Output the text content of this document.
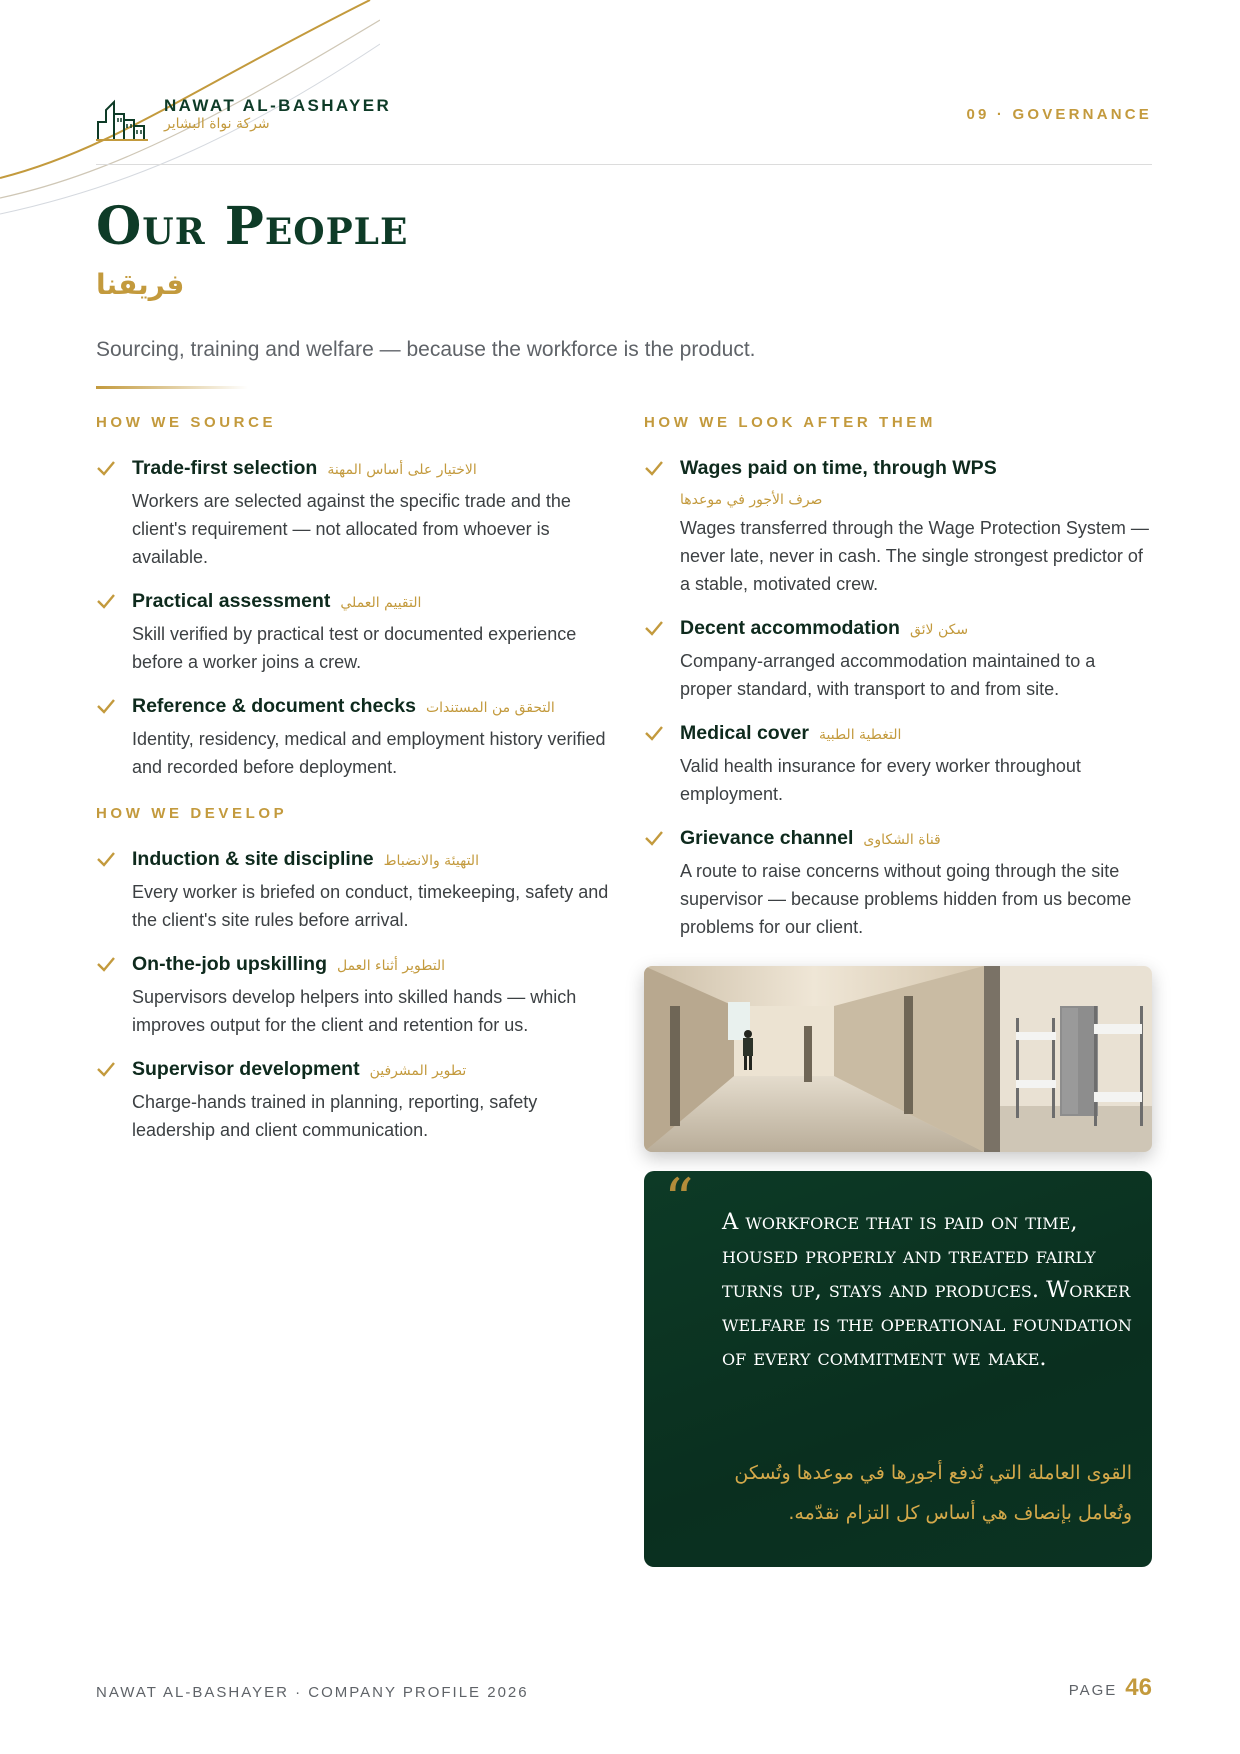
NAWAT AL-BASHAYER
شركة نواة البشاير
09 · GOVERNANCE
Our People
فريقنا

Sourcing, training and welfare — because the workforce is the product.

HOW WE SOURCE
Trade-first selection الاختيار على أساس المهنة
Workers are selected against the specific trade and the client's requirement — not allocated from whoever is available.
Practical assessment التقييم العملي
Skill verified by practical test or documented experience before a worker joins a crew.
Reference & document checks التحقق من المستندات
Identity, residency, medical and employment history verified and recorded before deployment.
HOW WE DEVELOP
Induction & site discipline التهيئة والانضباط
Every worker is briefed on conduct, timekeeping, safety and the client's site rules before arrival.
On-the-job upskilling التطوير أثناء العمل
Supervisors develop helpers into skilled hands — which improves output for the client and retention for us.
Supervisor development تطوير المشرفين
Charge-hands trained in planning, reporting, safety leadership and client communication.
HOW WE LOOK AFTER THEM
Wages paid on time, through WPS
صرف الأجور في موعدها
Wages transferred through the Wage Protection System — never late, never in cash. The single strongest predictor of a stable, motivated crew.
Decent accommodation سكن لائق
Company-arranged accommodation maintained to a proper standard, with transport to and from site.
Medical cover التغطية الطبية
Valid health insurance for every worker throughout employment.
Grievance channel قناة الشكاوى
A route to raise concerns without going through the site supervisor — because problems hidden from us become problems for our client.
“ A workforce that is paid on time, housed properly and treated fairly turns up, stays and produces. Worker welfare is the operational foundation of every commitment we make.
القوى العاملة التي تُدفع أجورها في موعدها وتُسكن وتُعامل بإنصاف هي أساس كل التزام نقدّمه.
NAWAT AL-BASHAYER · COMPANY PROFILE 2026	PAGE 46
